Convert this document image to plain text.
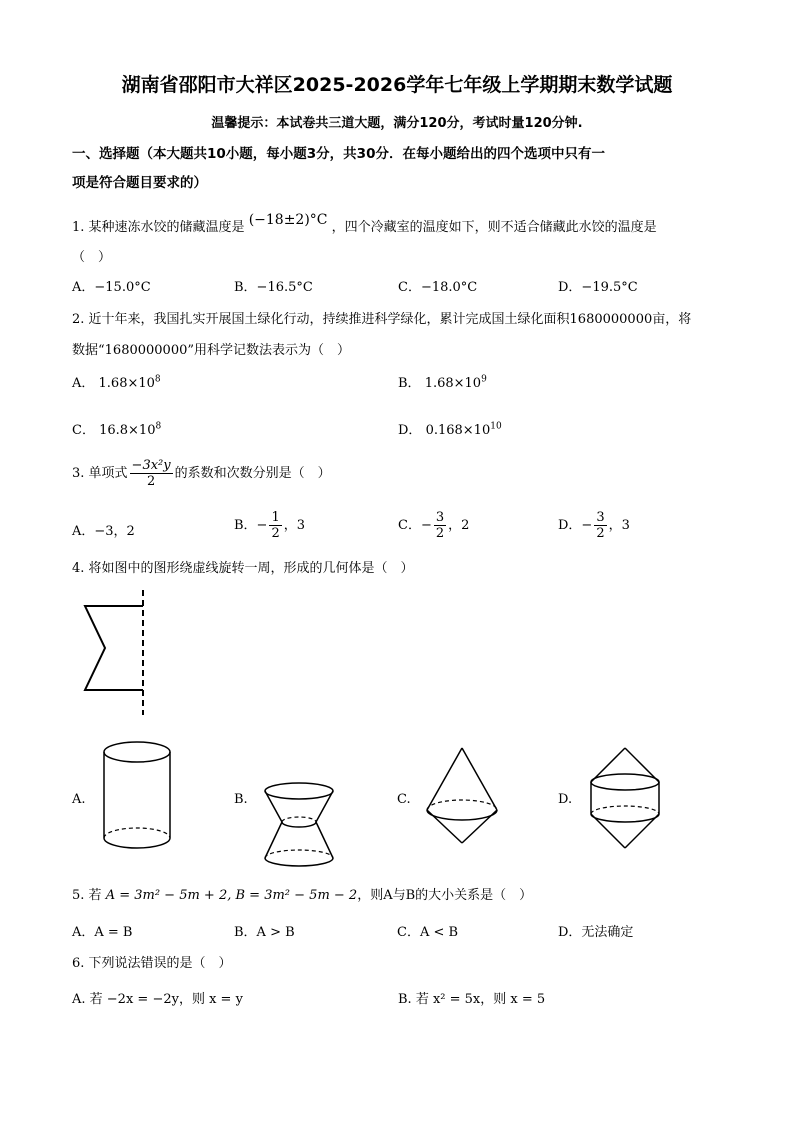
湖南省邵阳市大祥区2025-2026学年七年级上学期期末数学试题
温馨提示：本试卷共三道大题，满分120分，考试时量120分钟.
一、选择题（本大题共10小题，每小题3分，共30分．在每小题给出的四个选项中只有一
项是符合题目要求的）
1. 某种速冻水饺的储藏温度是 (−18±2)°C ，四个冷藏室的温度如下，则不适合储藏此水饺的温度是
（　）
A．−15.0°C	B．−16.5°C	C．−18.0°C	D．−19.5°C
2. 近十年来，我国扎实开展国土绿化行动，持续推进科学绿化，累计完成国土绿化面积1680000000亩，将
数据“1680000000”用科学记数法表示为（　）
A． $1.68\times 10^8$	B． $1.68\times 10^9$
C． $16.8\times 10^8$	D． $0.168\times 10^{10}$
3. 单项式 $\frac{\text{−3x²y}}{2}$ 的系数和次数分别是（　）
A．−3，2	B．− $\frac{1}{2}$ ，3	C．− $\frac{3}{2}$ ，2	D．− $\frac{3}{2}$ ，3
4. 将如图中的图形绕虚线旋转一周，形成的几何体是（　）
A.	B.	C.	D.
5. 若 A = 3m² − 5m + 2, B = 3m² − 5m − 2，则A与B的大小关系是（　）
A．A = B	B．A > B	C．A < B	D．无法确定
6. 下列说法错误的是（　）
A. 若 −2x = −2y，则 x = y	B. 若 x² = 5x，则 x = 5
